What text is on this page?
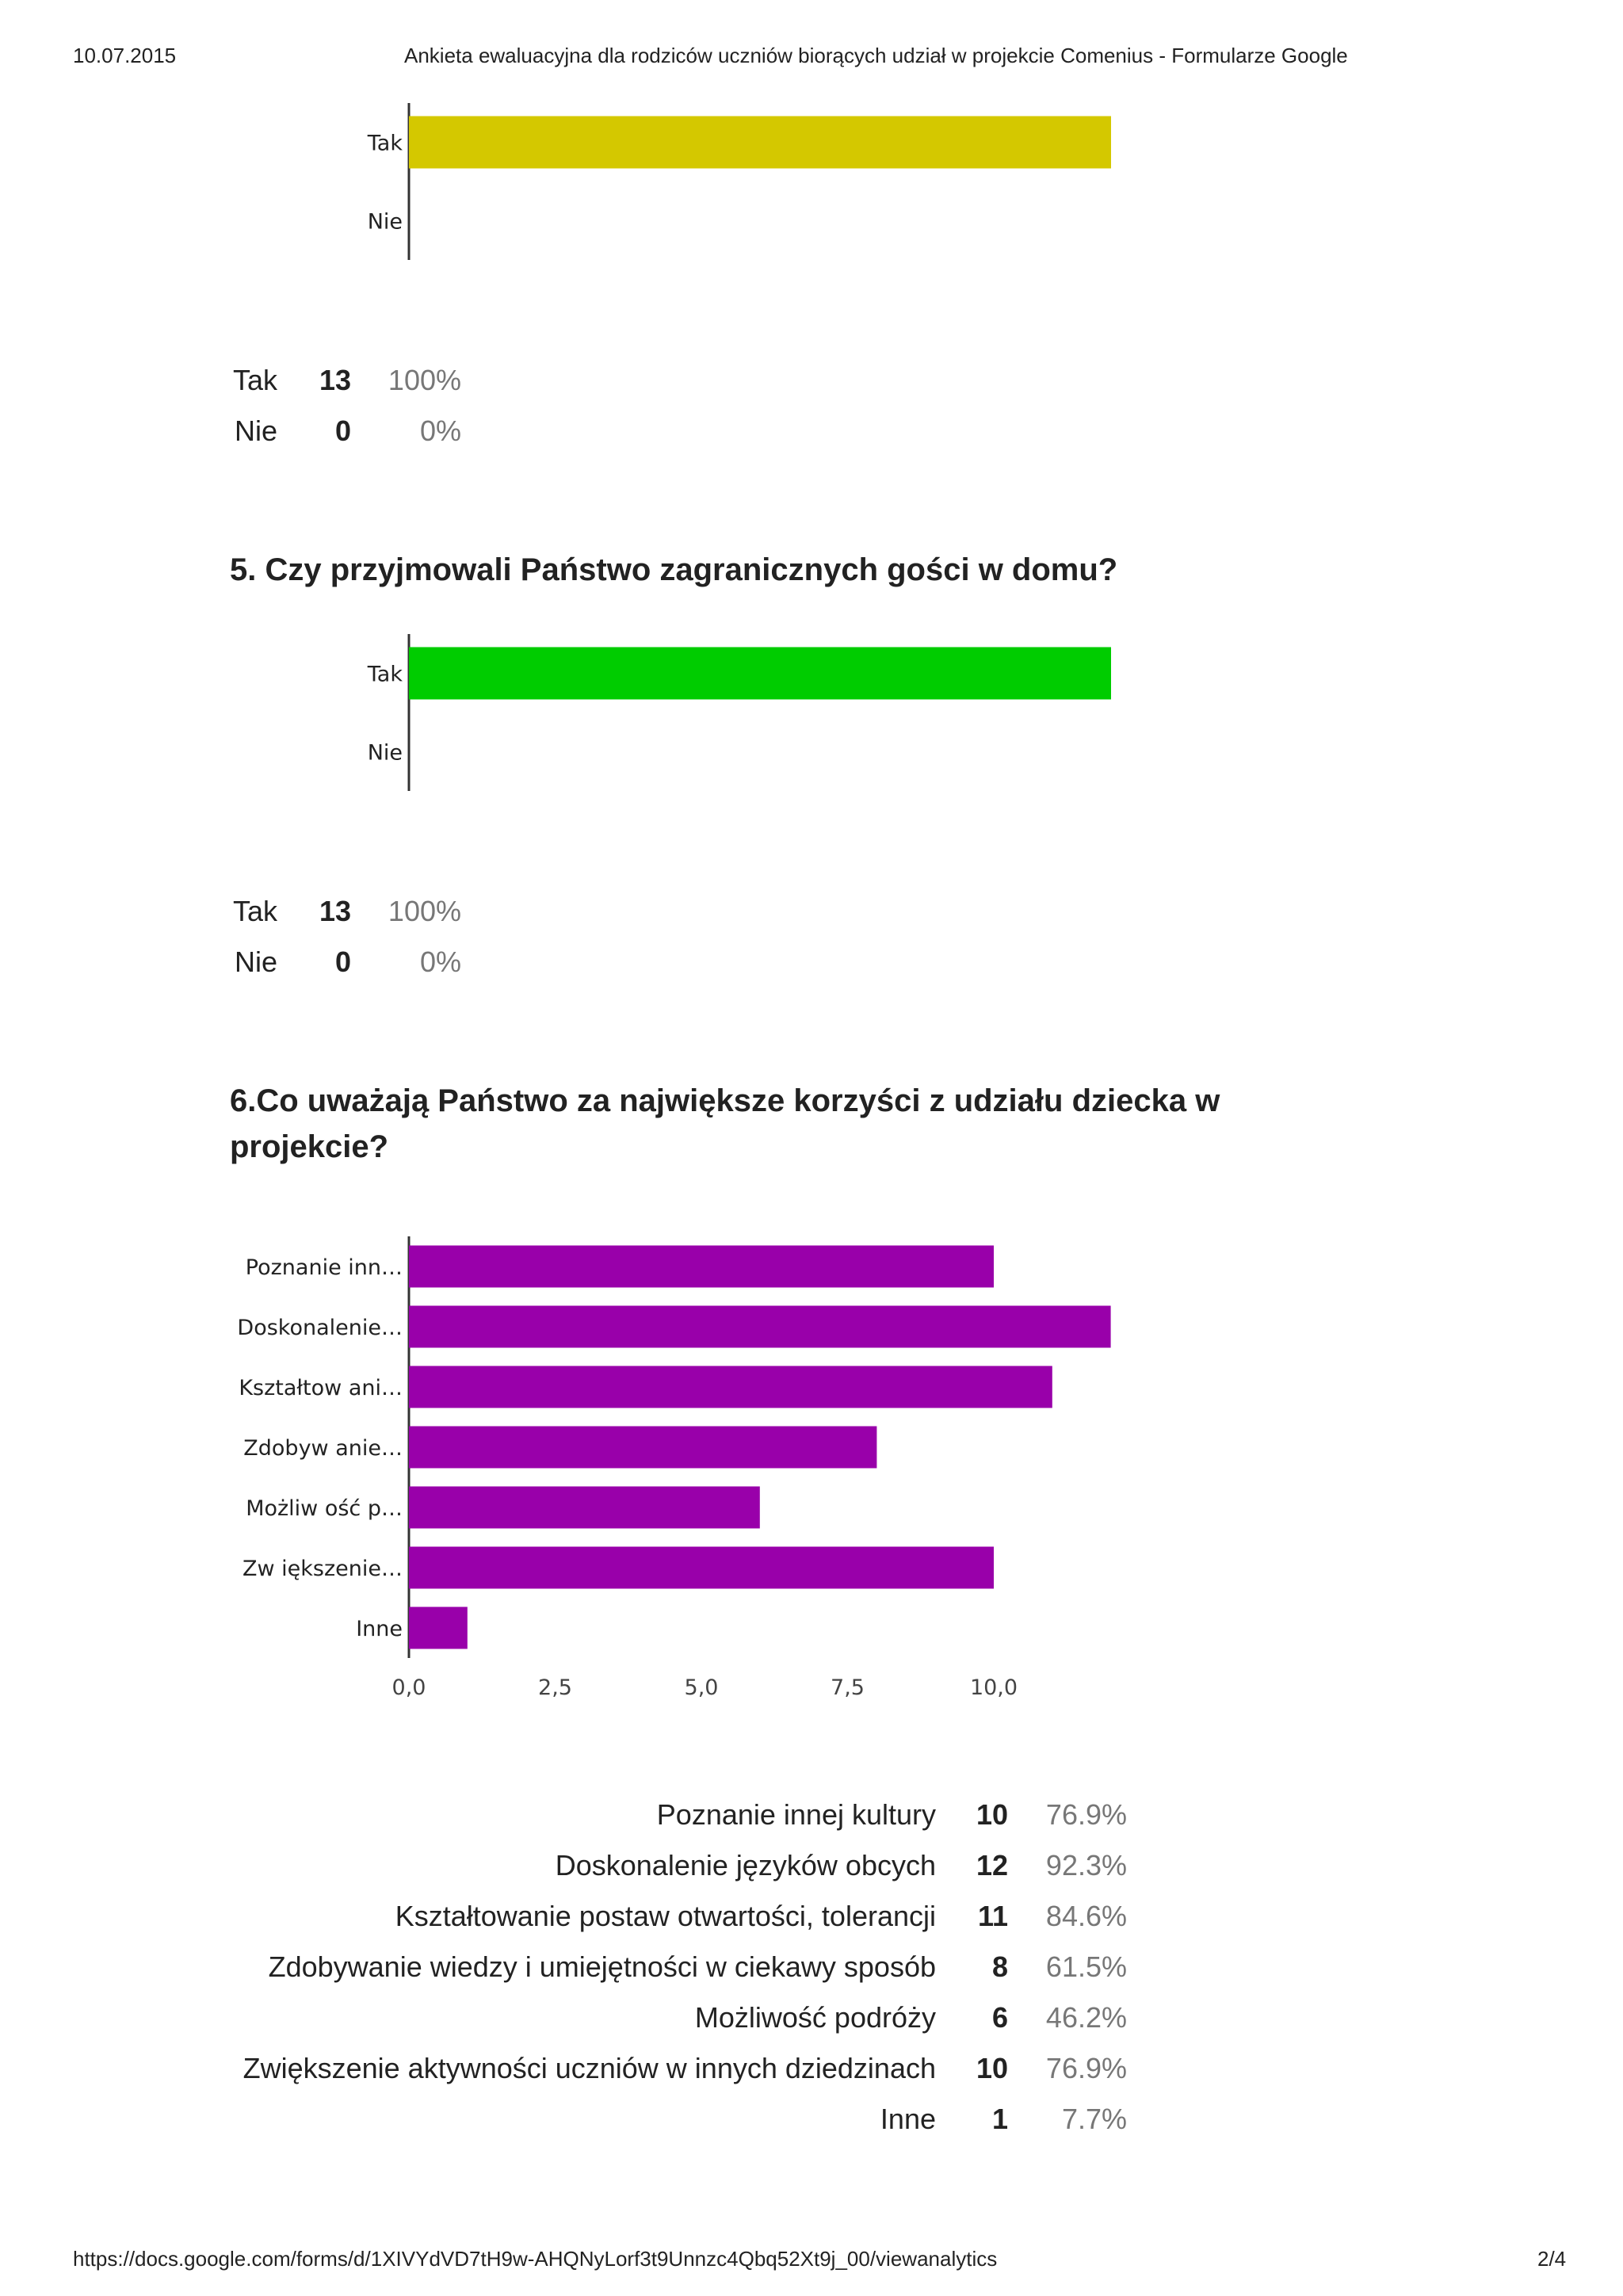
10.07.2015	Ankieta ewaluacyjna dla rodziców uczniów biorących udział w projekcie Comenius - Formularze Google
Tak
Nie
Tak	13	100%
Nie	0	0%
5. Czy przyjmowali Państwo zagranicznych gości w domu?
Tak
Nie
Tak	13	100%
Nie	0	0%
6.Co uważają Państwo za największe korzyści z udziału dziecka w projekcie?
Poznanie inn…
Doskonalenie…
Kształtow ani…
Zdobyw anie…
Możliw ość p…
Zw iększenie…
Inne
0,0	2,5	5,0	7,5	10,0
Poznanie innej kultury	10	76.9%
Doskonalenie języków obcych	12	92.3%
Kształtowanie postaw otwartości, tolerancji	11	84.6%
Zdobywanie wiedzy i umiejętności w ciekawy sposób	8	61.5%
Możliwość podróży	6	46.2%
Zwiększenie aktywności uczniów w innych dziedzinach	10	76.9%
Inne	1	7.7%
https://docs.google.com/forms/d/1XIVYdVD7tH9w-AHQNyLorf3t9Unnzc4Qbq52Xt9j_00/viewanalytics	2/4
